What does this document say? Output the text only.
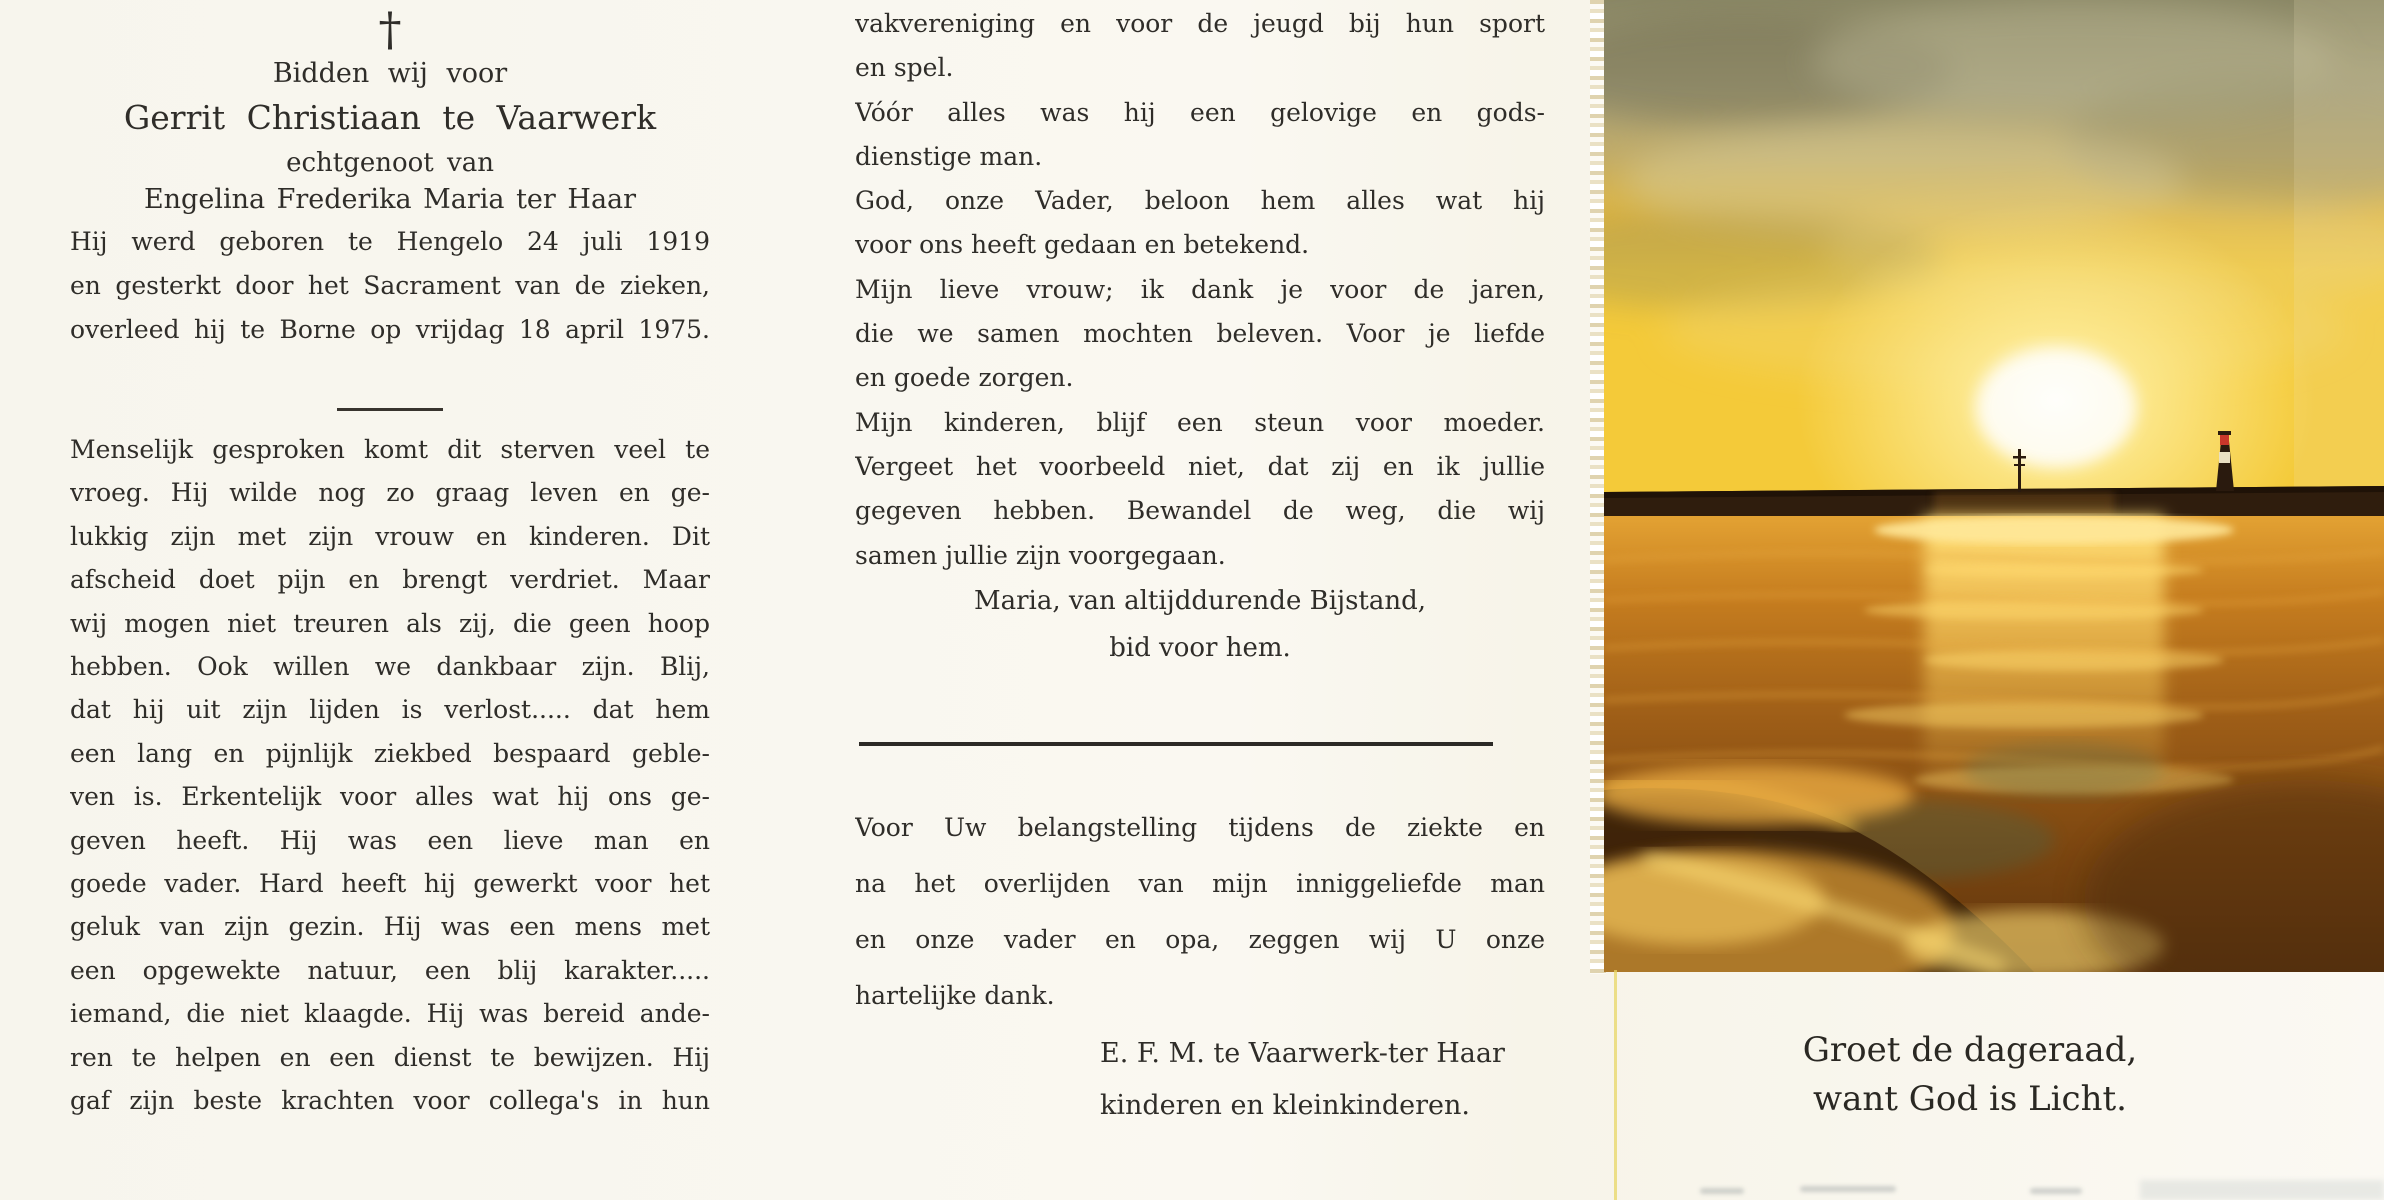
†
Bidden wij voor
Gerrit Christiaan te Vaarwerk
echtgenoot van
Engelina Frederika Maria ter Haar
Hij werd geboren te Hengelo 24 juli 1919
en gesterkt door het Sacrament van de zieken,
overleed hij te Borne op vrijdag 18 april 1975.
Menselijk gesproken komt dit sterven veel te
vroeg. Hij wilde nog zo graag leven en ge-
lukkig zijn met zijn vrouw en kinderen. Dit
afscheid doet pijn en brengt verdriet. Maar
wij mogen niet treuren als zij, die geen hoop
hebben. Ook willen we dankbaar zijn. Blij,
dat hij uit zijn lijden is verlost..... dat hem
een lang en pijnlijk ziekbed bespaard geble-
ven is. Erkentelijk voor alles wat hij ons ge-
geven heeft. Hij was een lieve man en
goede vader. Hard heeft hij gewerkt voor het
geluk van zijn gezin. Hij was een mens met
een opgewekte natuur, een blij karakter.....
iemand, die niet klaagde. Hij was bereid ande-
ren te helpen en een dienst te bewijzen. Hij
gaf zijn beste krachten voor collega's in hun
vakvereniging en voor de jeugd bij hun sport
en spel.
Vóór alles was hij een gelovige en gods-
dienstige man.
God, onze Vader, beloon hem alles wat hij
voor ons heeft gedaan en betekend.
Mijn lieve vrouw; ik dank je voor de jaren,
die we samen mochten beleven. Voor je liefde
en goede zorgen.
Mijn kinderen, blijf een steun voor moeder.
Vergeet het voorbeeld niet, dat zij en ik jullie
gegeven hebben. Bewandel de weg, die wij
samen jullie zijn voorgegaan.
Maria, van altijddurende Bijstand,
bid voor hem.
Voor Uw belangstelling tijdens de ziekte en
na het overlijden van mijn inniggeliefde man
en onze vader en opa, zeggen wij U onze
hartelijke dank.
E. F. M. te Vaarwerk-ter Haar
kinderen en kleinkinderen.
Groet de dageraad,
want God is Licht.
